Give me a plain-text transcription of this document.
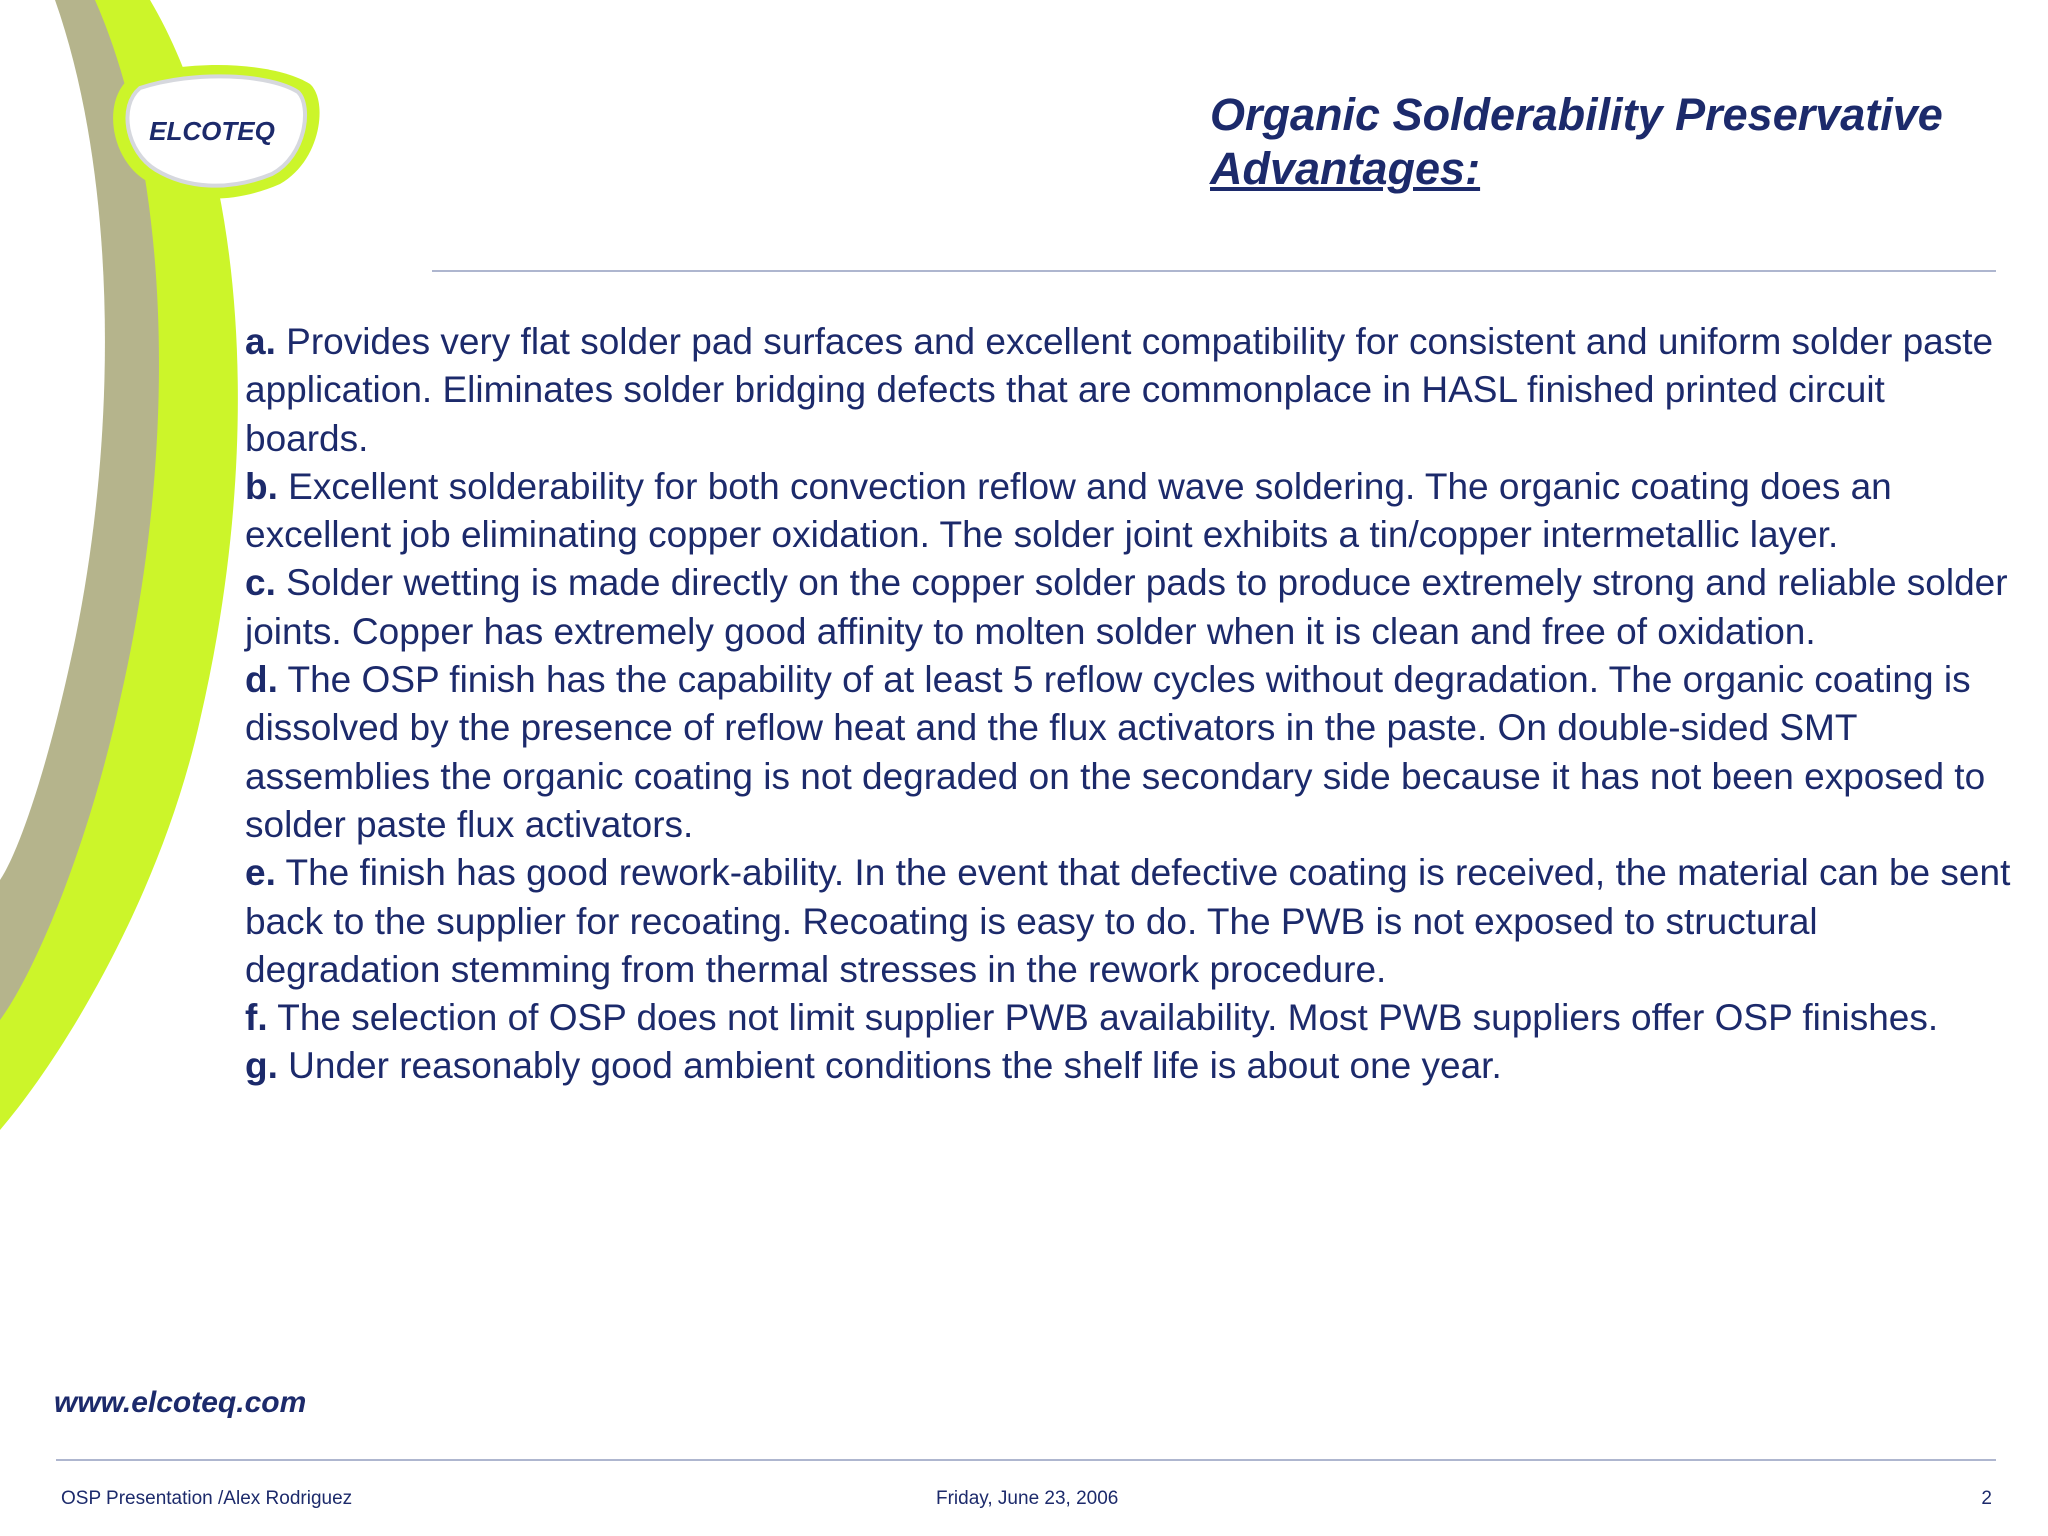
ELCOTEQ	Organic Solderability Preservative
Advantages:

a. Provides very flat solder pad surfaces and excellent compatibility for consistent and uniform solder paste application. Eliminates solder bridging defects that are commonplace in HASL finished printed circuit boards.

b. Excellent solderability for both convection reflow and wave soldering. The organic coating does an excellent job eliminating copper oxidation. The solder joint exhibits a tin/copper intermetallic layer.

c. Solder wetting is made directly on the copper solder pads to produce extremely strong and reliable solder joints. Copper has extremely good affinity to molten solder when it is clean and free of oxidation.

d. The OSP finish has the capability of at least 5 reflow cycles without degradation. The organic coating is dissolved by the presence of reflow heat and the flux activators in the paste. On double-sided SMT assemblies the organic coating is not degraded on the secondary side because it has not been exposed to solder paste flux activators.

e. The finish has good rework-ability. In the event that defective coating is received, the material can be sent back to the supplier for recoating. Recoating is easy to do. The PWB is not exposed to structural degradation stemming from thermal stresses in the rework procedure.

f. The selection of OSP does not limit supplier PWB availability. Most PWB suppliers offer OSP finishes.

g. Under reasonably good ambient conditions the shelf life is about one year.

www.elcoteq.com
OSP Presentation /Alex Rodriguez	Friday, June 23, 2006	2
